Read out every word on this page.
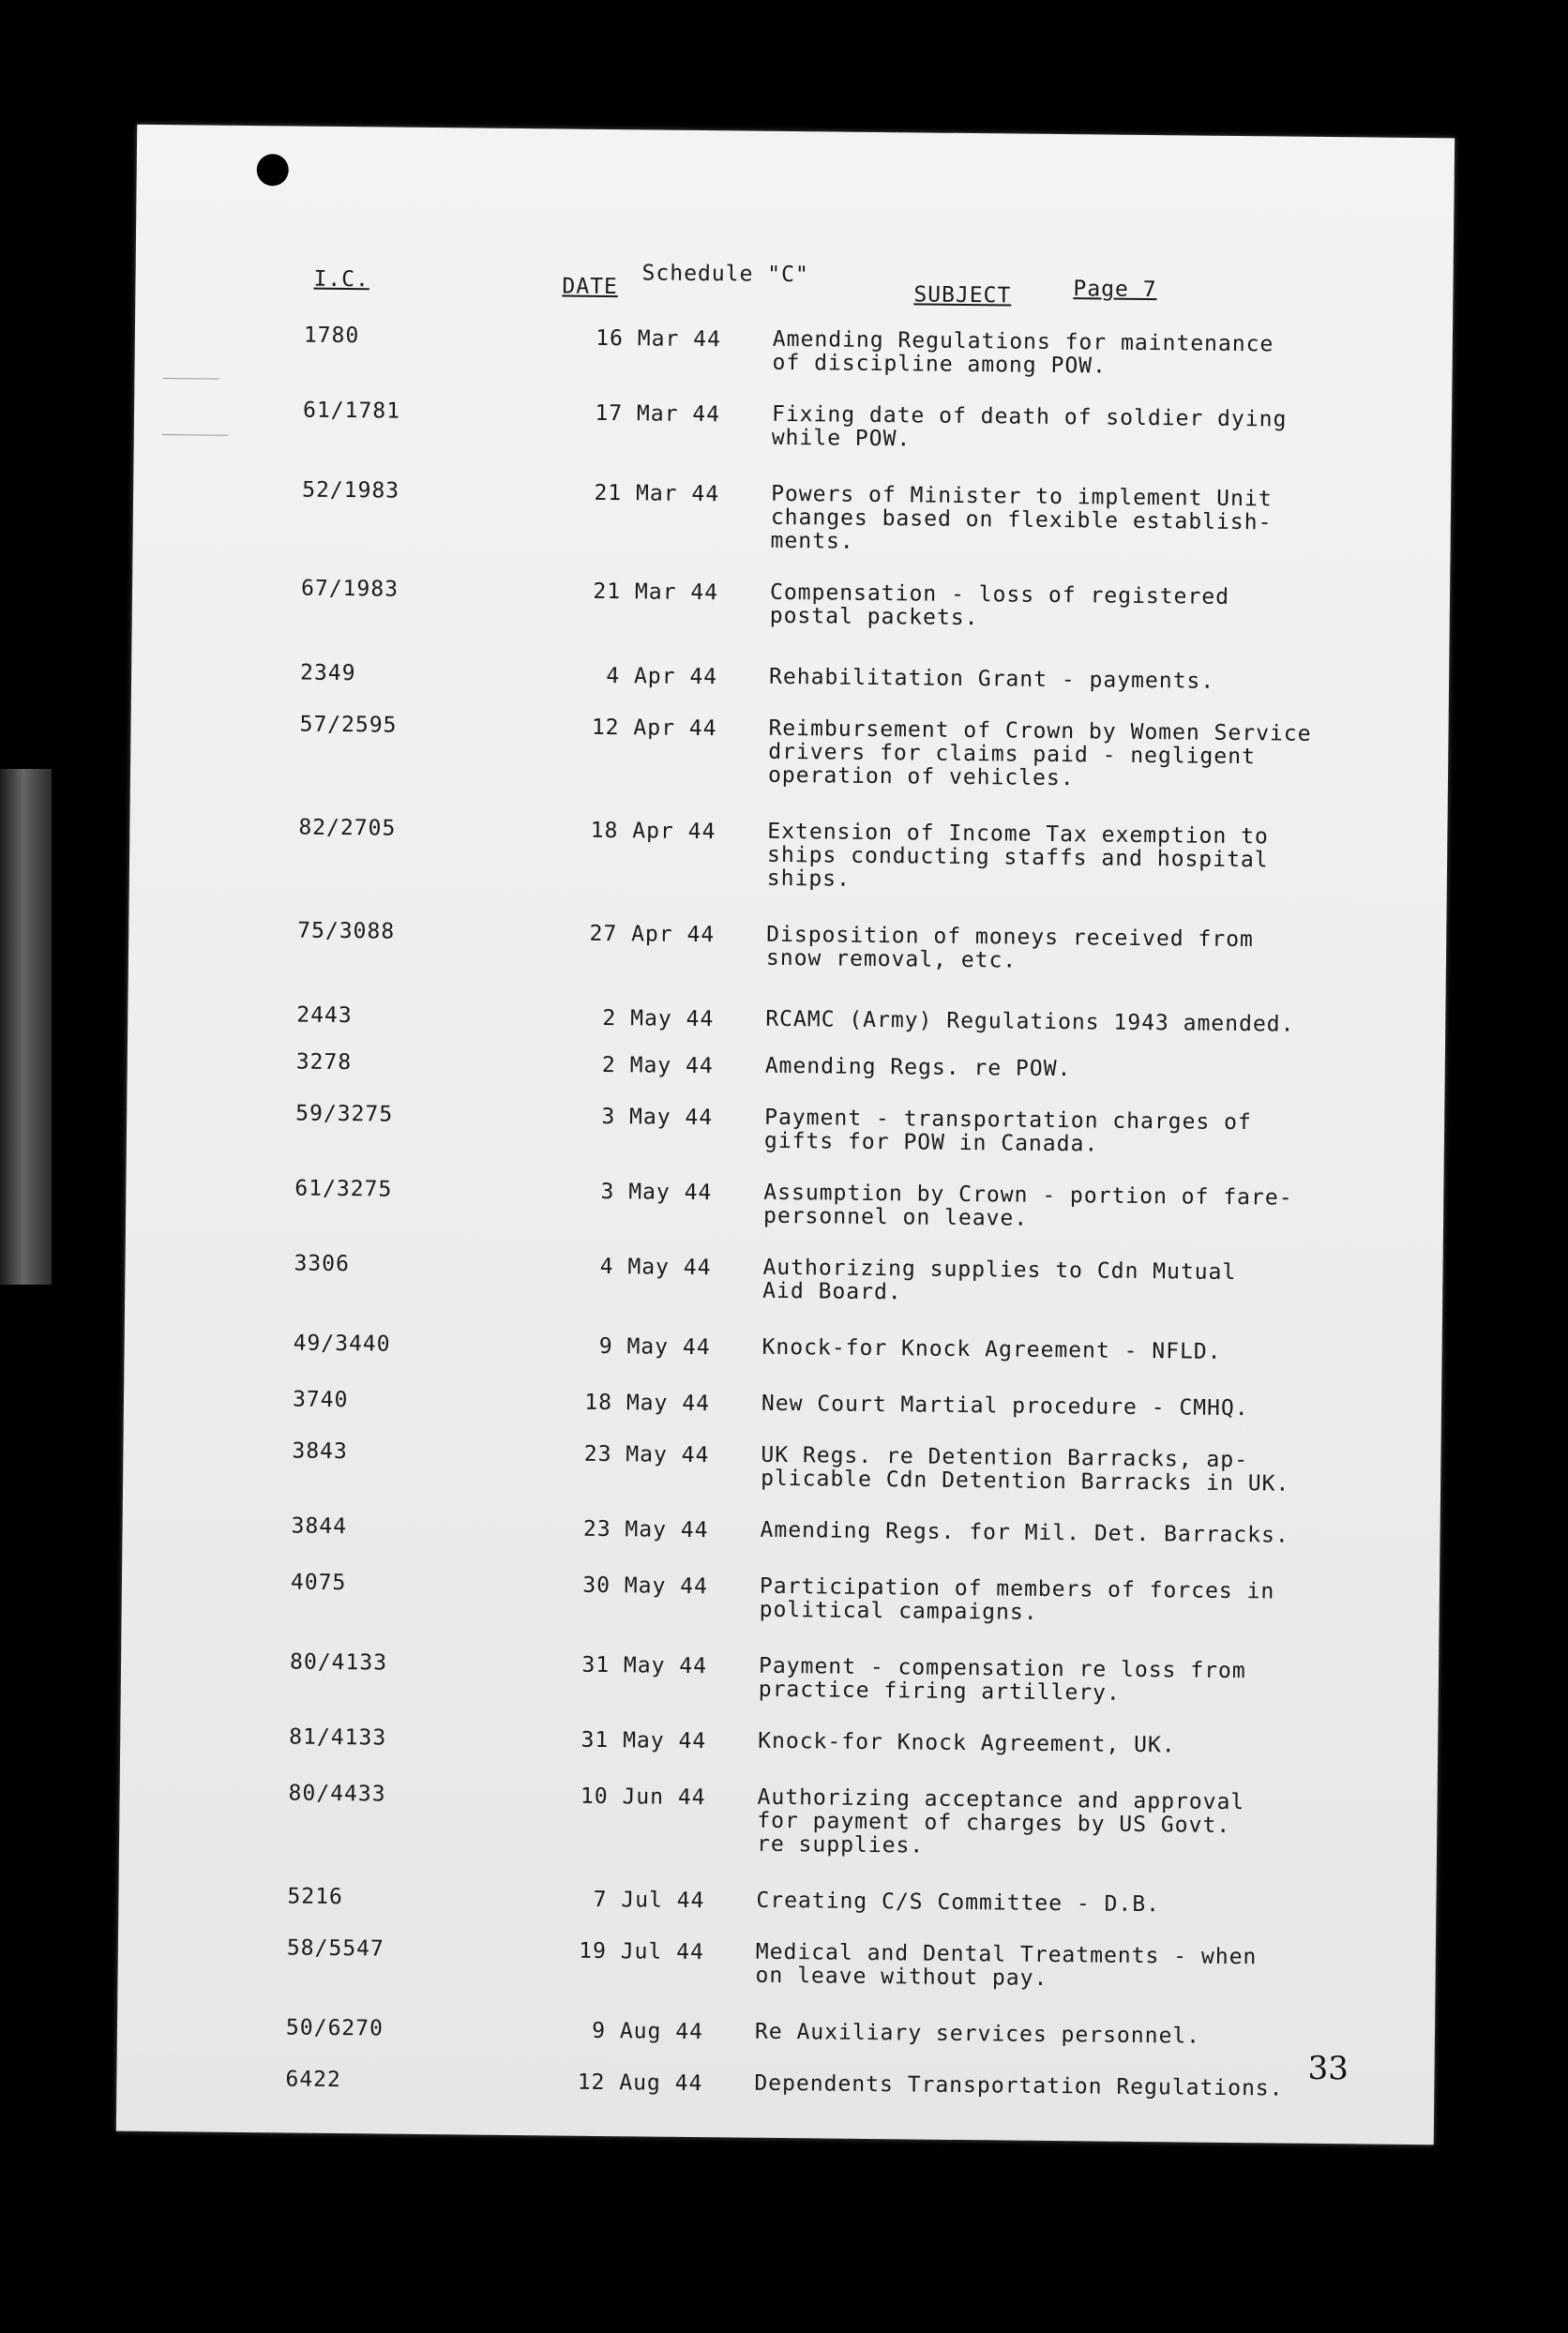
I.C.	DATE Schedule "C"
SUBJECT	Page 7
1780	16 Mar 44 Amending Regulations for maintenance
of discipline among POW.
61/1781	17 Mar 44 Fixing date of death of soldier dying
while POW.
52/1983	21 Mar 44 Powers of Minister to implement Unit
changes based on flexible establish-
ments.
67/1983	21 Mar 44 Compensation - loss of registered
postal packets.
2349	4 Apr 44 Rehabilitation Grant - payments.
57/2595	12 Apr 44 Reimbursement of Crown by Women Service
drivers for claims paid - negligent
operation of vehicles.
82/2705	18 Apr 44 Extension of Income Tax exemption to
ships conducting staffs and hospital
ships.
75/3088	27 Apr 44 Disposition of moneys received from
snow removal, etc.
2443	2 May 44 RCAMC (Army) Regulations 1943 amended.
3278	2 May 44 Amending Regs. re POW.
59/3275	3 May 44 Payment - transportation charges of
gifts for POW in Canada.
61/3275	3 May 44 Assumption by Crown - portion of fare-
personnel on leave.
3306	4 May 44 Authorizing supplies to Cdn Mutual
Aid Board.
49/3440	9 May 44 Knock-for Knock Agreement - NFLD.
3740	18 May 44 New Court Martial procedure - CMHQ.
3843	23 May 44 UK Regs. re Detention Barracks, ap-
plicable Cdn Detention Barracks in UK.
3844	23 May 44 Amending Regs. for Mil. Det. Barracks.
4075	30 May 44 Participation of members of forces in
political campaigns.
80/4133	31 May 44 Payment - compensation re loss from
practice firing artillery.
81/4133	31 May 44 Knock-for Knock Agreement, UK.
80/4433	10 Jun 44 Authorizing acceptance and approval
for payment of charges by US Govt.
re supplies.
5216	7 Jul 44 Creating C/S Committee - D.B.
58/5547	19 Jul 44 Medical and Dental Treatments - when
on leave without pay.
50/6270	9 Aug 44 Re Auxiliary services personnel.
6422	12 Aug 44 Dependents Transportation Regulations. 33
